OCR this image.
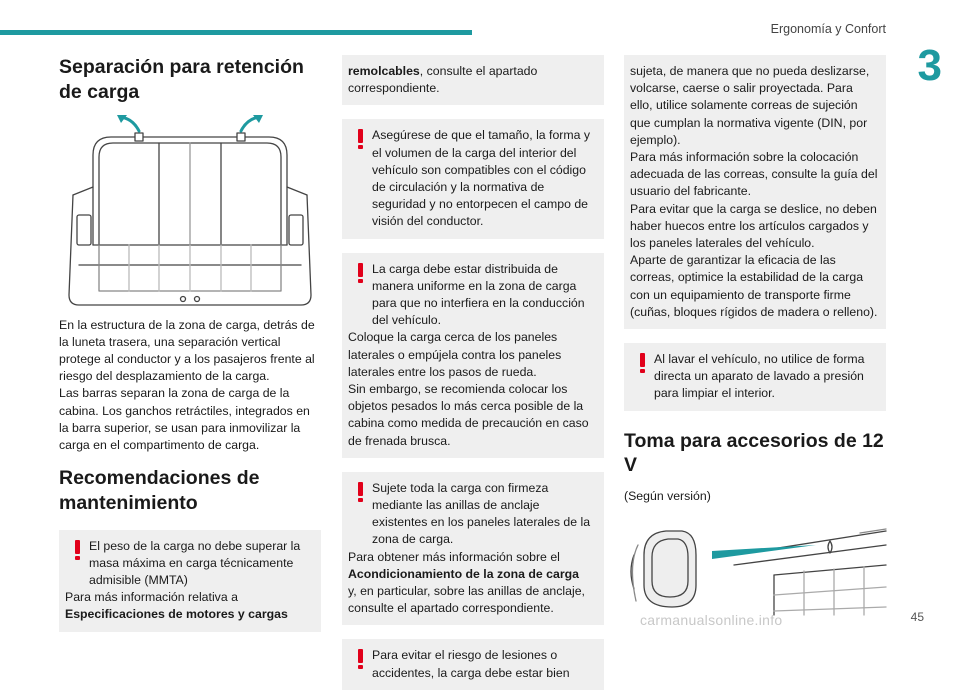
Ergonomía y Confort
3
Separación para retención de carga

En la estructura de la zona de carga, detrás de la luneta trasera, una separación vertical protege al conductor y a los pasajeros frente al riesgo del desplazamiento de la carga.

Las barras separan la zona de carga de la cabina. Los ganchos retráctiles, integrados en la barra superior, se usan para inmovilizar la carga en el compartimento de carga.

Recomendaciones de mantenimiento
El peso de la carga no debe superar la masa máxima en carga técnicamente admisible (MMTA)
Para más información relativa a
Especificaciones de motores y cargas
remolcables, consulte el apartado correspondiente.
Asegúrese de que el tamaño, la forma y el volumen de la carga del interior del vehículo son compatibles con el código de circulación y la normativa de seguridad y no entorpecen el campo de visión del conductor.
La carga debe estar distribuida de manera uniforme en la zona de carga para que no interfiera en la conducción del vehículo.
Coloque la carga cerca de los paneles laterales o empújela contra los paneles laterales entre los pasos de rueda.
Sin embargo, se recomienda colocar los objetos pesados lo más cerca posible de la cabina como medida de precaución en caso de frenada brusca.
Sujete toda la carga con firmeza mediante las anillas de anclaje existentes en los paneles laterales de la zona de carga.
Para obtener más información sobre el
Acondicionamiento de la zona de carga
y, en particular, sobre las anillas de anclaje, consulte el apartado correspondiente.
Para evitar el riesgo de lesiones o accidentes, la carga debe estar bien
sujeta, de manera que no pueda deslizarse, volcarse, caerse o salir proyectada. Para ello, utilice solamente correas de sujeción que cumplan la normativa vigente (DIN, por ejemplo).
Para más información sobre la colocación adecuada de las correas, consulte la guía del usuario del fabricante.
Para evitar que la carga se deslice, no deben haber huecos entre los artículos cargados y los paneles laterales del vehículo.
Aparte de garantizar la eficacia de las correas, optimice la estabilidad de la carga con un equipamiento de transporte firme (cuñas, bloques rígidos de madera o relleno).
Al lavar el vehículo, no utilice de forma directa un aparato de lavado a presión para limpiar el interior.
Toma para accesorios de 12 V

(Según versión)

45
carmanualsonline.info
